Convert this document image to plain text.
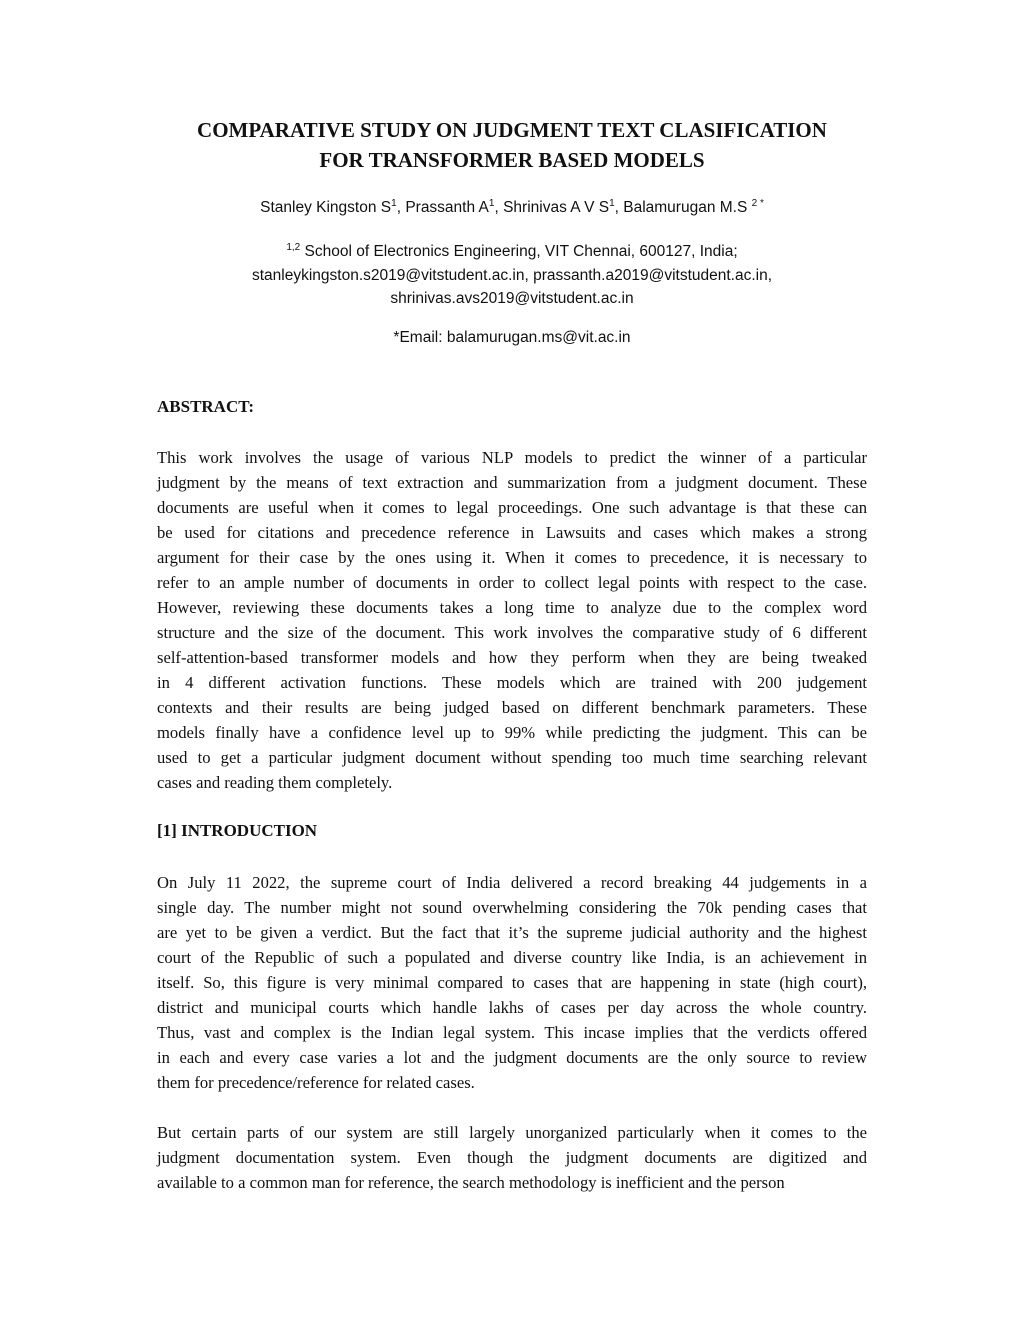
COMPARATIVE STUDY ON JUDGMENT TEXT CLASIFICATION
FOR TRANSFORMER BASED MODELS
Stanley Kingston $S^1$, Prassanth $A^1$, Shrinivas A V $S^1$, Balamurugan M.S $^{2 *}$
$^{1,2}$ School of Electronics Engineering, VIT Chennai, 600127, India;
stanleykingston.s2019@vitstudent.ac.in, prassanth.a2019@vitstudent.ac.in,
shrinivas.avs2019@vitstudent.ac.in
*Email: balamurugan.ms@vit.ac.in
ABSTRACT:
This work involves the usage of various NLP models to predict the winner of a particular
judgment by the means of text extraction and summarization from a judgment document. These
documents are useful when it comes to legal proceedings. One such advantage is that these can
be used for citations and precedence reference in Lawsuits and cases which makes a strong
argument for their case by the ones using it. When it comes to precedence, it is necessary to
refer to an ample number of documents in order to collect legal points with respect to the case.
However, reviewing these documents takes a long time to analyze due to the complex word
structure and the size of the document. This work involves the comparative study of 6 different
self-attention-based transformer models and how they perform when they are being tweaked
in 4 different activation functions. These models which are trained with 200 judgement
contexts and their results are being judged based on different benchmark parameters. These
models finally have a confidence level up to 99% while predicting the judgment. This can be
used to get a particular judgment document without spending too much time searching relevant
cases and reading them completely.
[1] INTRODUCTION
On July 11 2022, the supreme court of India delivered a record breaking 44 judgements in a
single day. The number might not sound overwhelming considering the 70k pending cases that
are yet to be given a verdict. But the fact that it’s the supreme judicial authority and the highest
court of the Republic of such a populated and diverse country like India, is an achievement in
itself. So, this figure is very minimal compared to cases that are happening in state (high court),
district and municipal courts which handle lakhs of cases per day across the whole country.
Thus, vast and complex is the Indian legal system. This incase implies that the verdicts offered
in each and every case varies a lot and the judgment documents are the only source to review
them for precedence/reference for related cases.
But certain parts of our system are still largely unorganized particularly when it comes to the
judgment documentation system. Even though the judgment documents are digitized and
available to a common man for reference, the search methodology is inefficient and the person
